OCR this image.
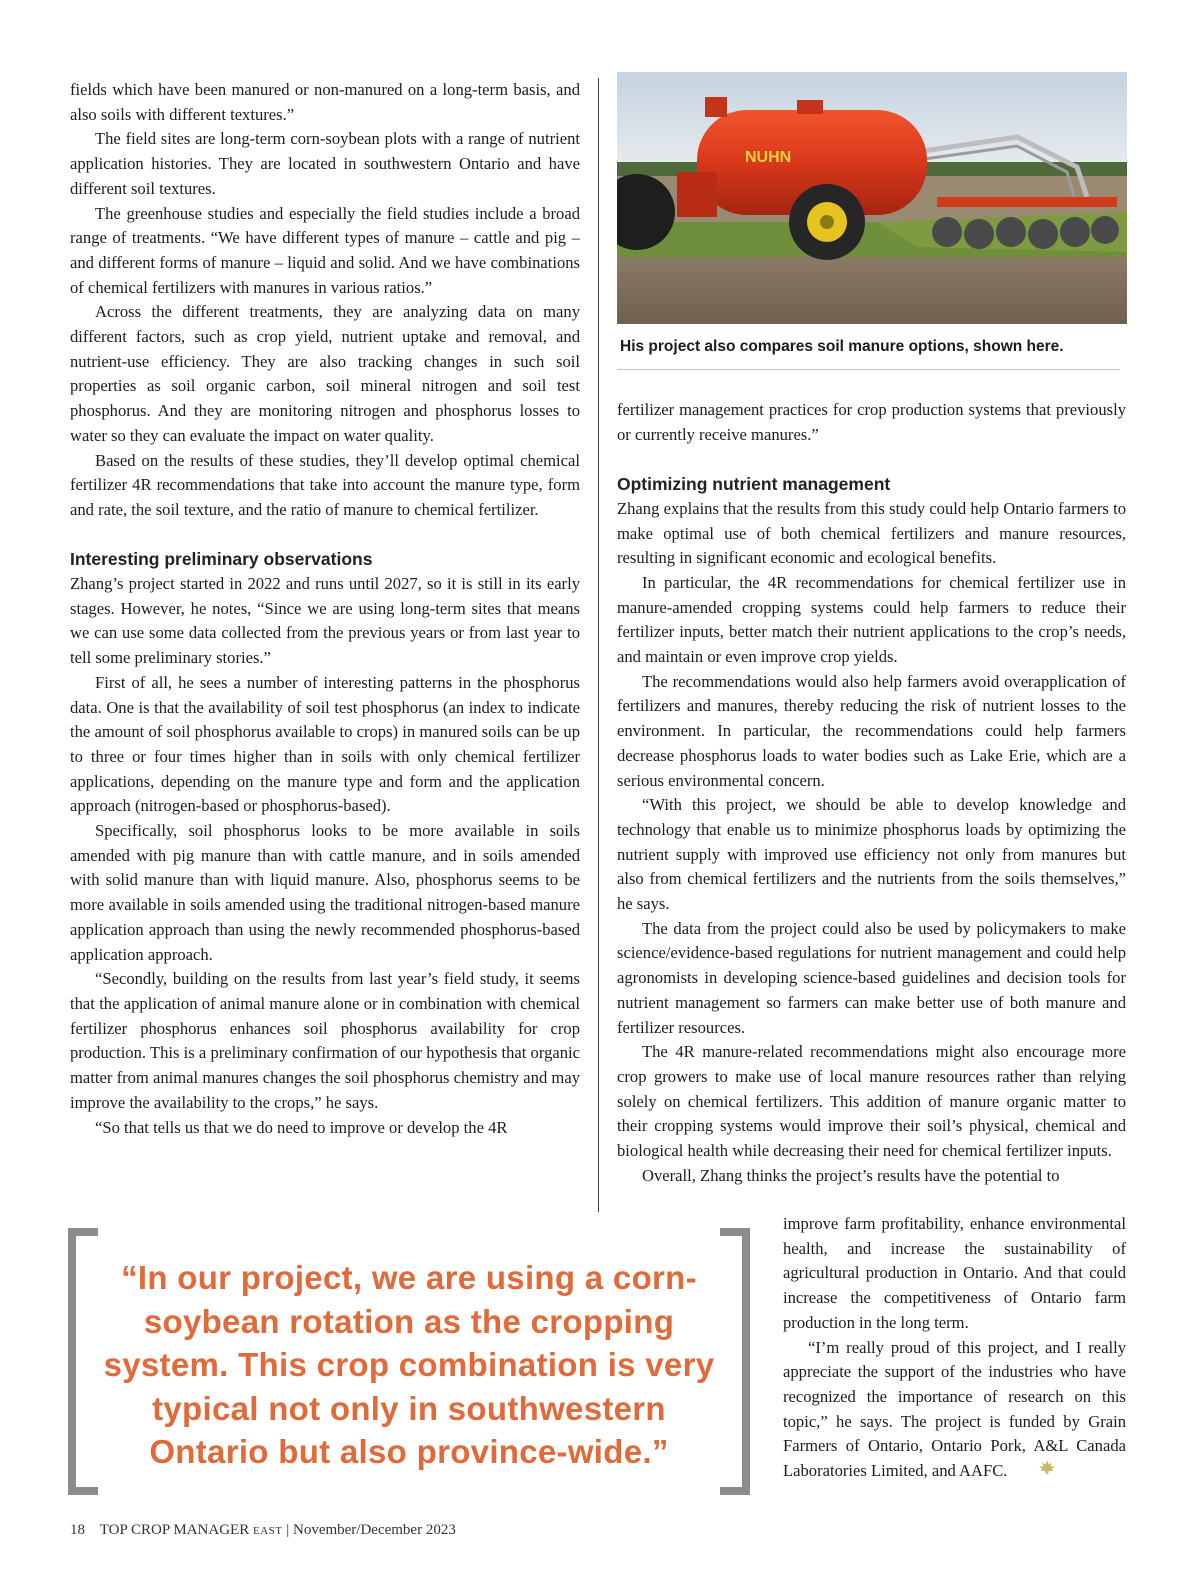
fields which have been manured or non-manured on a long-term basis, and also soils with different textures.”

The field sites are long-term corn-soybean plots with a range of nutrient application histories. They are located in southwestern Ontario and have different soil textures.

The greenhouse studies and especially the field studies include a broad range of treatments. “We have different types of manure – cattle and pig – and different forms of manure – liquid and solid. And we have combinations of chemical fertilizers with manures in various ratios.”

Across the different treatments, they are analyzing data on many different factors, such as crop yield, nutrient uptake and removal, and nutrient-use efficiency. They are also tracking changes in such soil properties as soil organic carbon, soil mineral nitrogen and soil test phosphorus. And they are monitoring nitrogen and phosphorus losses to water so they can evaluate the impact on water quality.

Based on the results of these studies, they’ll develop optimal chemical fertilizer 4R recommendations that take into account the manure type, form and rate, the soil texture, and the ratio of manure to chemical fertilizer.

Interesting preliminary observations

Zhang’s project started in 2022 and runs until 2027, so it is still in its early stages. However, he notes, “Since we are using long-term sites that means we can use some data collected from the previous years or from last year to tell some preliminary stories.”

First of all, he sees a number of interesting patterns in the phosphorus data. One is that the availability of soil test phosphorus (an index to indicate the amount of soil phosphorus available to crops) in manured soils can be up to three or four times higher than in soils with only chemical fertilizer applications, depending on the manure type and form and the application approach (nitrogen-based or phosphorus-based).

Specifically, soil phosphorus looks to be more available in soils amended with pig manure than with cattle manure, and in soils amended with solid manure than with liquid manure. Also, phosphorus seems to be more available in soils amended using the traditional nitrogen-based manure application approach than using the newly recommended phosphorus-based application approach.

“Secondly, building on the results from last year’s field study, it seems that the application of animal manure alone or in combination with chemical fertilizer phosphorus enhances soil phosphorus availability for crop production. This is a preliminary confirmation of our hypothesis that organic matter from animal manures changes the soil phosphorus chemistry and may improve the availability to the crops,” he says.

“So that tells us that we do need to improve or develop the 4R

NUHN
His project also compares soil manure options, shown here.

fertilizer management practices for crop production systems that previously or currently receive manures.”

Optimizing nutrient management

Zhang explains that the results from this study could help Ontario farmers to make optimal use of both chemical fertilizers and manure resources, resulting in significant economic and ecological benefits.

In particular, the 4R recommendations for chemical fertilizer use in manure-amended cropping systems could help farmers to reduce their fertilizer inputs, better match their nutrient applications to the crop’s needs, and maintain or even improve crop yields.

The recommendations would also help farmers avoid overapplication of fertilizers and manures, thereby reducing the risk of nutrient losses to the environment. In particular, the recommendations could help farmers decrease phosphorus loads to water bodies such as Lake Erie, which are a serious environmental concern.

“With this project, we should be able to develop knowledge and technology that enable us to minimize phosphorus loads by optimizing the nutrient supply with improved use efficiency not only from manures but also from chemical fertilizers and the nutrients from the soils themselves,” he says.

The data from the project could also be used by policymakers to make science/evidence-based regulations for nutrient management and could help agronomists in developing science-based guidelines and decision tools for nutrient management so farmers can make better use of both manure and fertilizer resources.

The 4R manure-related recommendations might also encourage more crop growers to make use of local manure resources rather than relying solely on chemical fertilizers. This addition of manure organic matter to their cropping systems would improve their soil’s physical, chemical and biological health while decreasing their need for chemical fertilizer inputs.

Overall, Zhang thinks the project’s results have the potential to

improve farm profitability, enhance environmental health, and increase the sustainability of agricultural production in Ontario. And that could increase the competitiveness of Ontario farm production in the long term.

“I’m really proud of this project, and I really appreciate the support of the industries who have recognized the importance of research on this topic,” he says. The project is funded by Grain Farmers of Ontario, Ontario Pork, A&L Canada Laboratories Limited, and AAFC.

“In our project, we are using a corn-soybean rotation as the cropping system. This crop combination is very typical not only in southwestern Ontario but also province-wide.”
18 TOP CROP MANAGER EAST | November/December 2023
